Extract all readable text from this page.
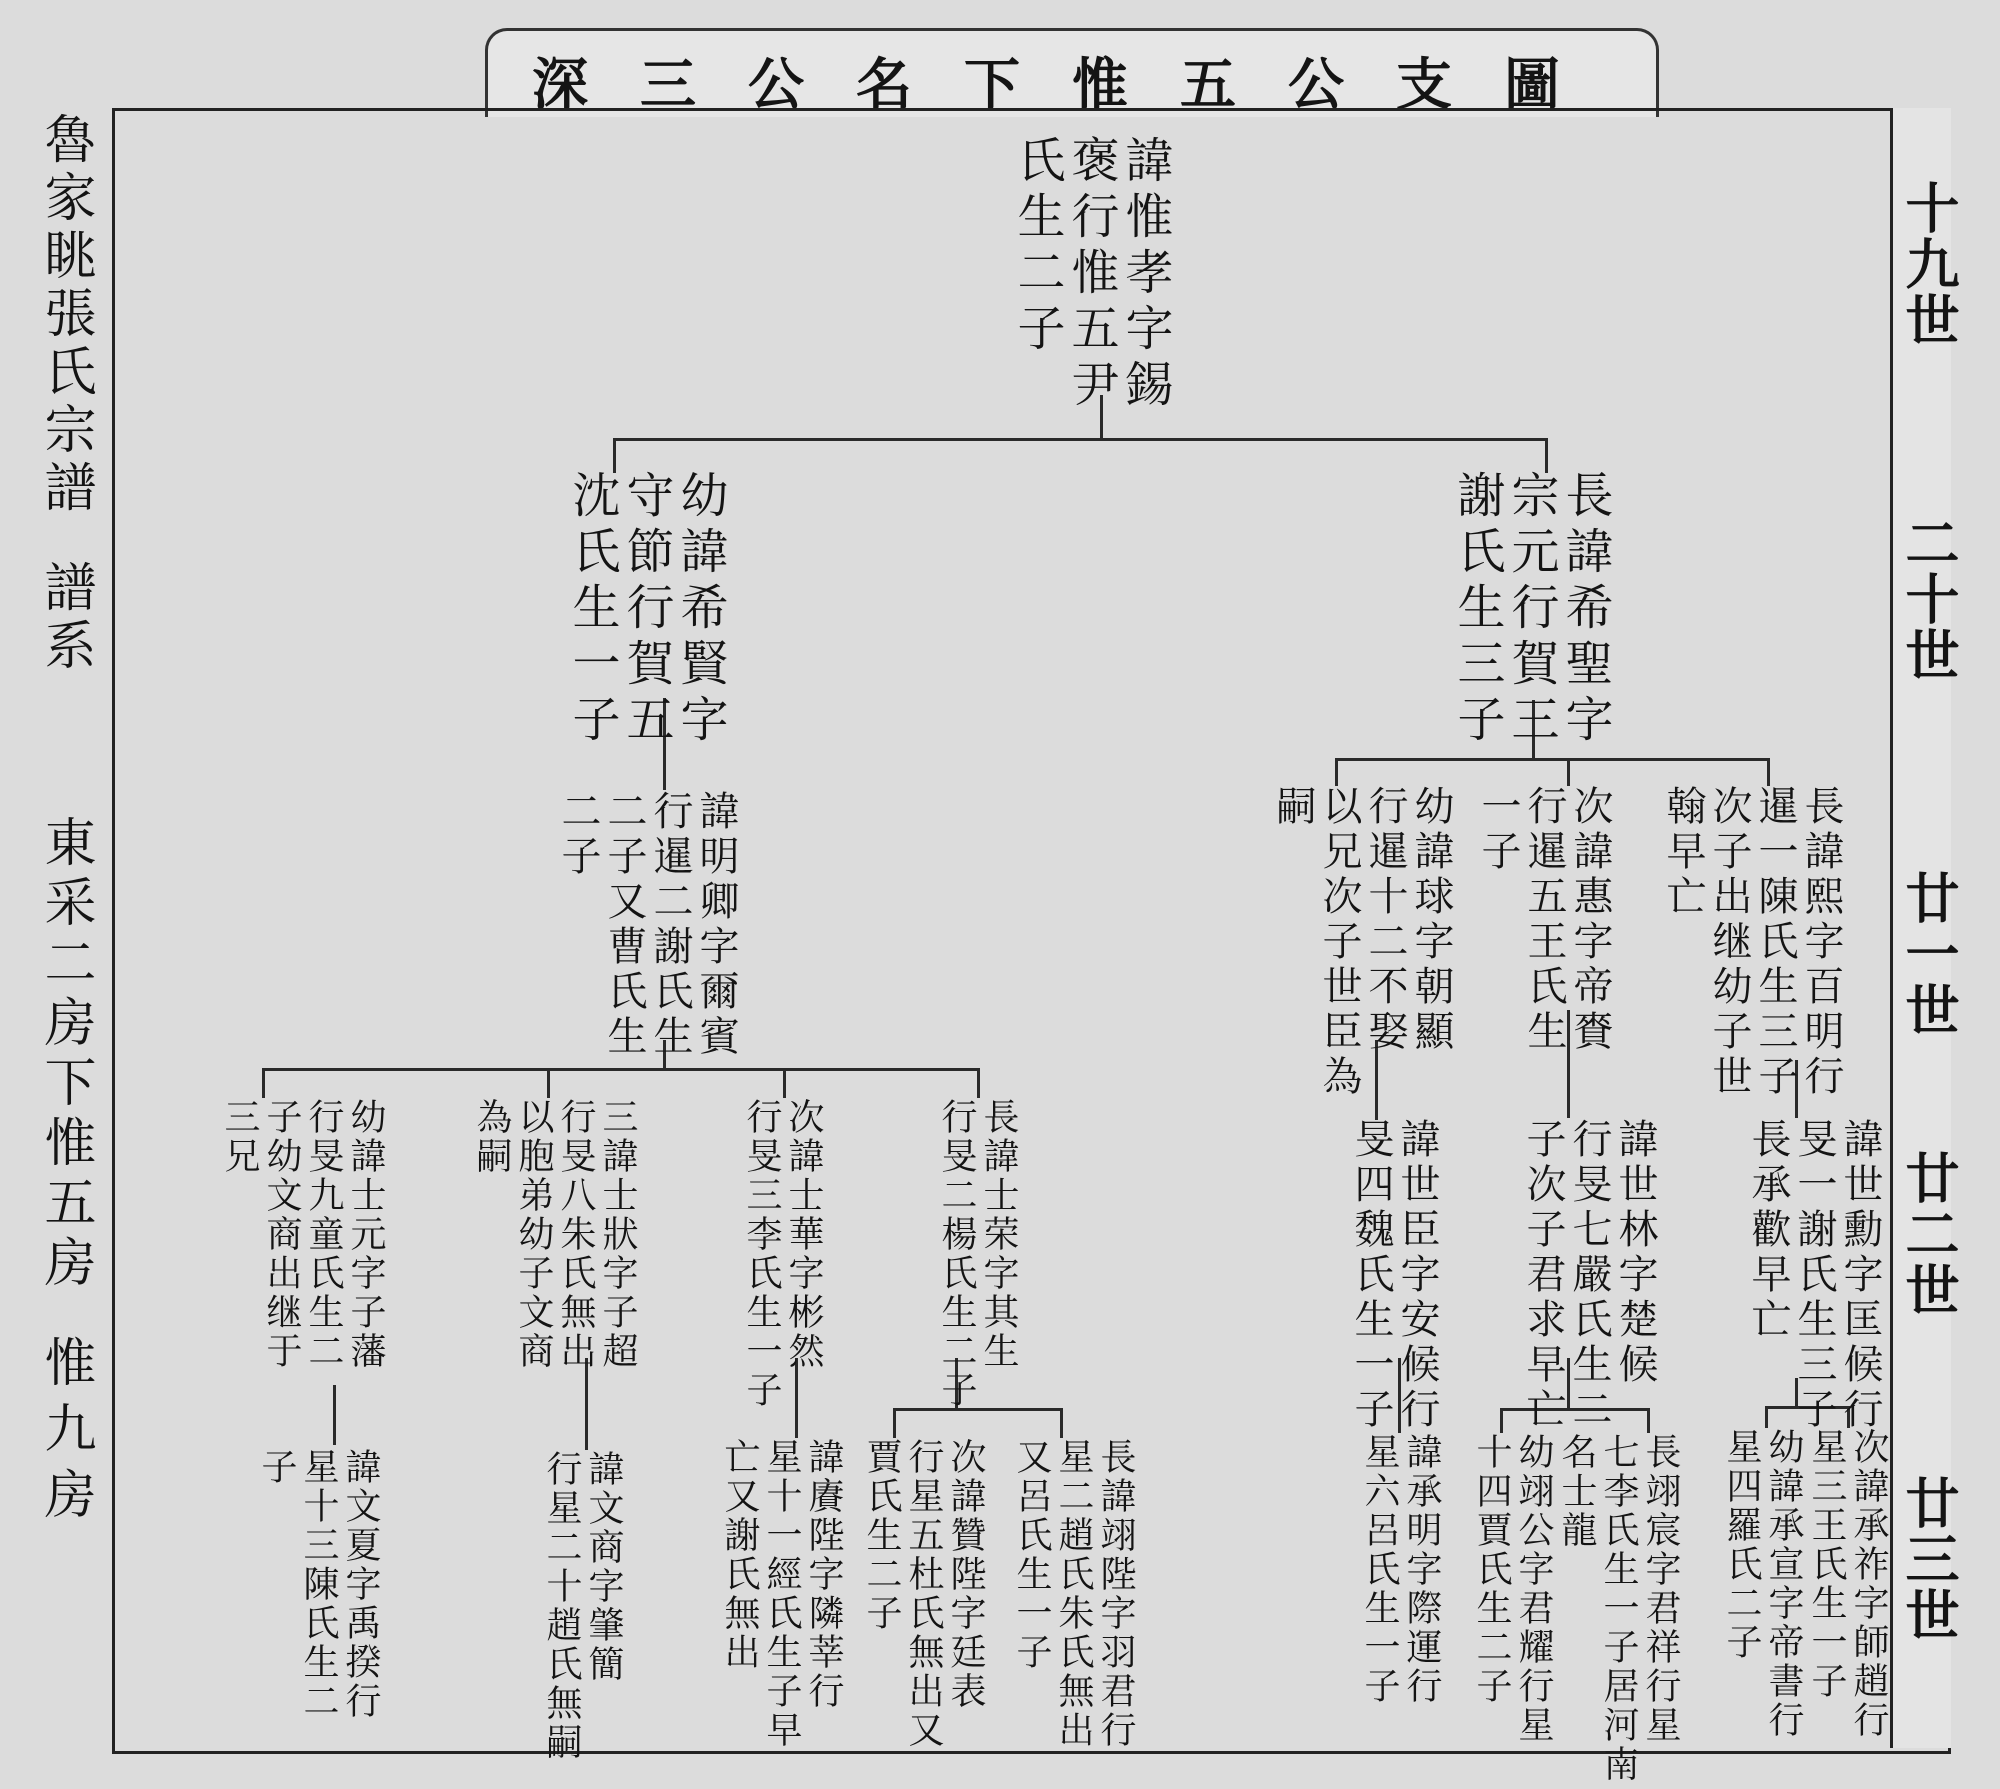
深三公名下惟五公支圖
魯家眺張氏宗譜
譜系
東采二房下惟五房
惟九房
十九世
二十世
廿一世
廿二世
廿三世
諱惟孝字錫
褒行惟五尹
氏生二子
長諱希聖字
宗元行賀三
謝氏生三子
幼諱希賢字
守節行賀五
沈氏生一子
諱明卿字爾賓
行暹二謝氏生
二子又曹氏生
二子	長諱熙字百明行
暹一陳氏生三子
次子出继幼子世
翰早亡
次諱惠字帝賚
行暹五王氏生
一子
幼諱球字朝顯
行暹十二不娶
以兄次子世臣為
嗣
長諱士荣字其生
行旻二楊氏生二子
次諱士華字彬然
行旻三李氏生一子
三諱士狀字子超
行旻八朱氏無出
以胞弟幼子文商
為嗣
幼諱士元字子藩
行旻九童氏生二
子幼文商出继于
三兄	諱世勳字匡候行
旻一謝氏生三子
長承歡早亡
諱世林字楚候
行旻七嚴氏生二
子次子君求早亡
諱世臣字安候行
旻四魏氏生一子
長諱翊陛字羽君行
星二趙氏朱氏無出
又呂氏生一子
次諱贊陛字廷表
行星五杜氏無出又
賈氏生二子
諱賡陛字隣莘行
星十一經氏生子早
亡又謝氏無出
諱文商字肇簡
行星二十趙氏無嗣
諱文夏字禹揆行
星十三陳氏生二
子	次諱承祚字師趙行
星三王氏生一子
幼諱承宣字帝書行
星四羅氏二子
長翊宸字君祥行星
七李氏生一子居河南
名士龍
幼翊公字君耀行星
十四賈氏生二子
諱承明字際運行
星六呂氏生一子
